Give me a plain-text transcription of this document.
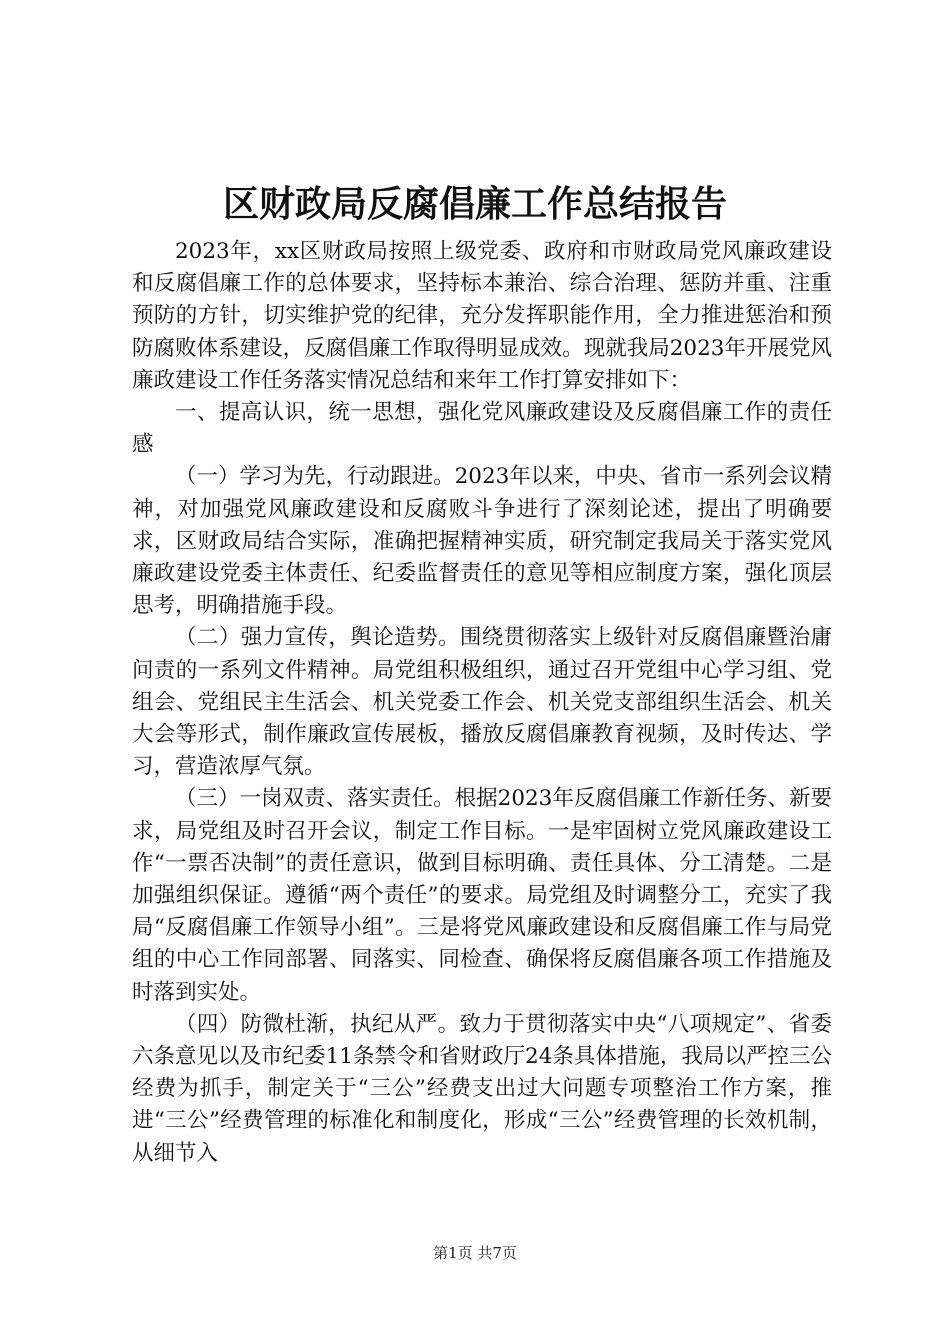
区财政局反腐倡廉工作总结报告

2023年，xx区财政局按照上级党委、政府和市财政局党风廉政建设和反腐倡廉工作的总体要求，坚持标本兼治、综合治理、惩防并重、注重预防的方针，切实维护党的纪律，充分发挥职能作用，全力推进惩治和预防腐败体系建设，反腐倡廉工作取得明显成效。现就我局2023年开展党风廉政建设工作任务落实情况总结和来年工作打算安排如下：

一、提高认识，统一思想，强化党风廉政建设及反腐倡廉工作的责任感

（一）学习为先，行动跟进。2023年以来，中央、省市一系列会议精神，对加强党风廉政建设和反腐败斗争进行了深刻论述，提出了明确要求，区财政局结合实际，准确把握精神实质，研究制定我局关于落实党风廉政建设党委主体责任、纪委监督责任的意见等相应制度方案，强化顶层思考，明确措施手段。

（二）强力宣传，舆论造势。围绕贯彻落实上级针对反腐倡廉暨治庸问责的一系列文件精神。局党组积极组织，通过召开党组中心学习组、党组会、党组民主生活会、机关党委工作会、机关党支部组织生活会、机关大会等形式，制作廉政宣传展板，播放反腐倡廉教育视频，及时传达、学习，营造浓厚气氛。

（三）一岗双责、落实责任。根据2023年反腐倡廉工作新任务、新要求，局党组及时召开会议，制定工作目标。一是牢固树立党风廉政建设工作“一票否决制”的责任意识，做到目标明确、责任具体、分工清楚。二是加强组织保证。遵循“两个责任”的要求。局党组及时调整分工，充实了我局“反腐倡廉工作领导小组”。三是将党风廉政建设和反腐倡廉工作与局党组的中心工作同部署、同落实、同检查、确保将反腐倡廉各项工作措施及时落到实处。

（四）防微杜渐，执纪从严。致力于贯彻落实中央“八项规定”、省委六条意见以及市纪委11条禁令和省财政厅24条具体措施，我局以严控三公经费为抓手，制定关于“三公”经费支出过大问题专项整治工作方案，推进“三公”经费管理的标准化和制度化，形成“三公”经费管理的长效机制，从细节入

第1页 共7页
